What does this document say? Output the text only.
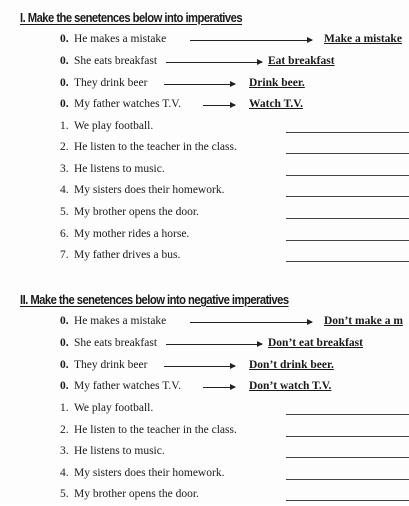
I. Make the senetences below into imperatives
0. He makes a mistake	Make a mistake
0. She eats breakfast	Eat breakfast
0. They drink beer	Drink beer.
0. My father watches T.V.	Watch T.V.
1. We play football.
2. He listen to the teacher in the class.
3. He listens to music.
4. My sisters does their homework.
5. My brother opens the door.
6. My mother rides a horse.
7. My father drives a bus.
II. Make the senetences below into negative imperatives
0. He makes a mistake	Don’t make a m
0. She eats breakfast	Don’t eat breakfast
0. They drink beer	Don’t drink beer.
0. My father watches T.V.	Don’t watch T.V.
1. We play football.
2. He listen to the teacher in the class.
3. He listens to music.
4. My sisters does their homework.
5. My brother opens the door.
